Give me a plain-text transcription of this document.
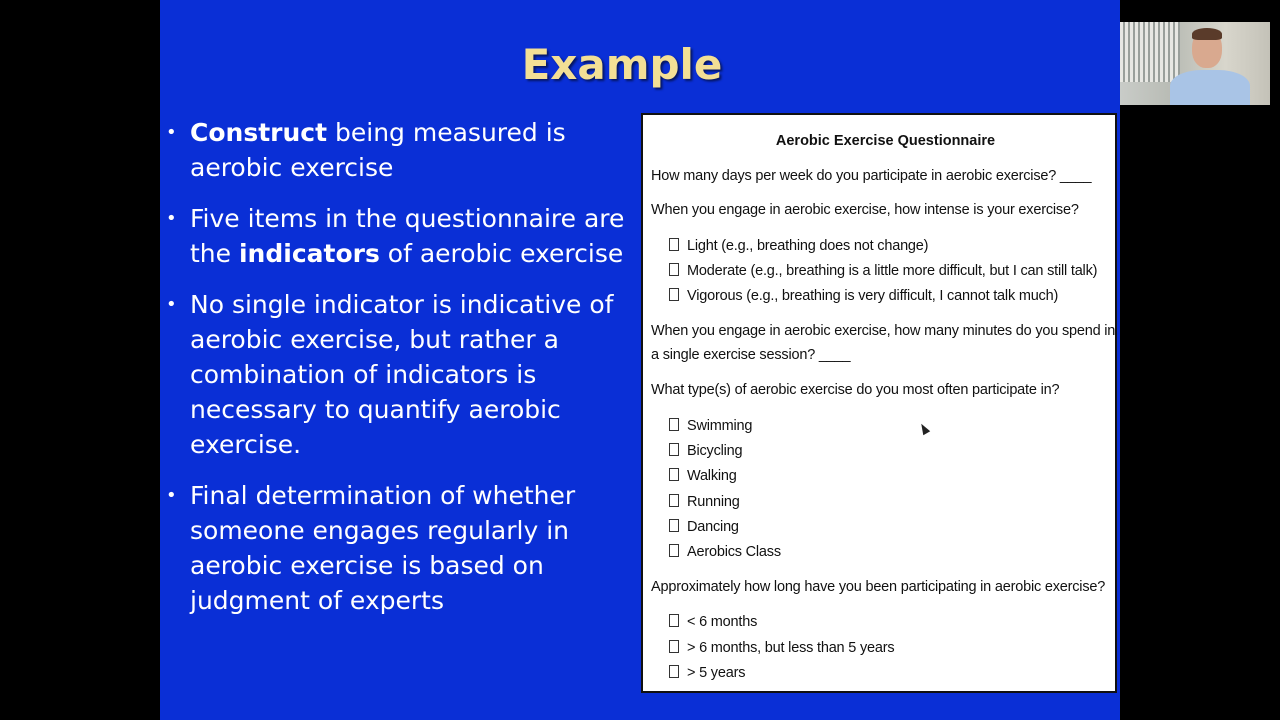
Example
• Construct being measured is aerobic exercise
• Five items in the questionnaire are the indicators of aerobic exercise
• No single indicator is indicative of aerobic exercise, but rather a combination of indicators is necessary to quantify aerobic exercise.
• Final determination of whether someone engages regularly in aerobic exercise is based on judgment of experts
Aerobic Exercise Questionnaire
How many days per week do you participate in aerobic exercise? ____
When you engage in aerobic exercise, how intense is your exercise?
Light (e.g., breathing does not change)
Moderate (e.g., breathing is a little more difficult, but I can still talk)
Vigorous (e.g., breathing is very difficult, I cannot talk much)
When you engage in aerobic exercise, how many minutes do you spend in a single exercise session? ____
What type(s) of aerobic exercise do you most often participate in?
Swimming
Bicycling
Walking
Running
Dancing
Aerobics Class
Approximately how long have you been participating in aerobic exercise?
< 6 months
> 6 months, but less than 5 years
> 5 years
